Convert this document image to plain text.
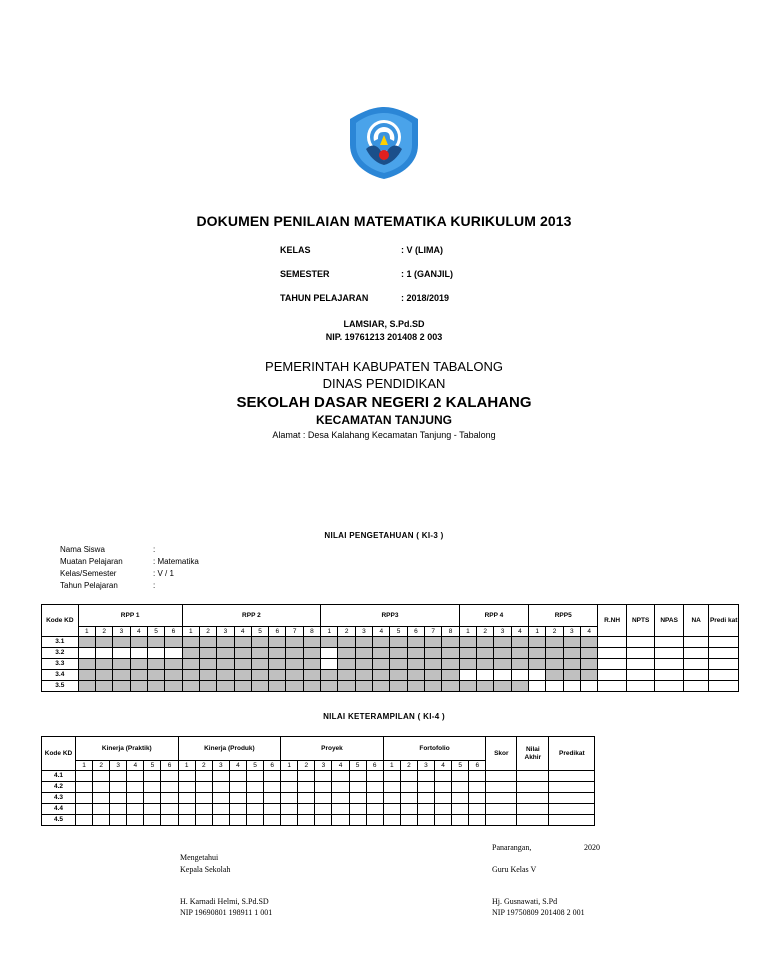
DOKUMEN PENILAIAN MATEMATIKA KURIKULUM 2013
KELAS	: V (LIMA)
SEMESTER	: 1 (GANJIL)
TAHUN PELAJARAN	: 2018/2019
LAMSIAR, S.Pd.SD
NIP. 19761213 201408 2 003
PEMERINTAH KABUPATEN TABALONG
DINAS PENDIDIKAN
SEKOLAH DASAR NEGERI 2 KALAHANG
KECAMATAN TANJUNG
Alamat : Desa Kalahang Kecamatan Tanjung - Tabalong
NILAI PENGETAHUAN ( KI-3 )
Nama Siswa	:
Muatan Pelajaran	: Matematika
Kelas/Semester	: V / 1
Tahun Pelajaran	:
Kode KD	RPP 1						RPP 2								RPP3								RPP 4				RPP5				R.NH	NPTS	NPAS	NA	Predi kat
	1	2	3	4	5	6	1	2	3	4	5	6	7	8	1	2	3	4	5	6	7	8	1	2	3	4	1	2	3	4					
3.1																																			
3.2																																			
3.3																																			
3.4																																			
3.5																																			
NILAI KETERAMPILAN ( KI-4 )
Kode KD	Kinerja (Praktik)						Kinerja (Produk)						Proyek						Fortofolio						Skor	Nilai Akhir	Predikat
	1	2	3	4	5	6	1	2	3	4	5	6	1	2	3	4	5	6	1	2	3	4	5	6			
4.1																											
4.2																											
4.3																											
4.4																											
4.5																											
Panarangan,	2020
Mengetahui
Kepala Sekolah	Guru Kelas V
H. Karnadi Helmi, S.Pd.SD
NIP 19690801 198911 1 001
Hj. Gusnawati, S.Pd
NIP 19750809 201408 2 001
